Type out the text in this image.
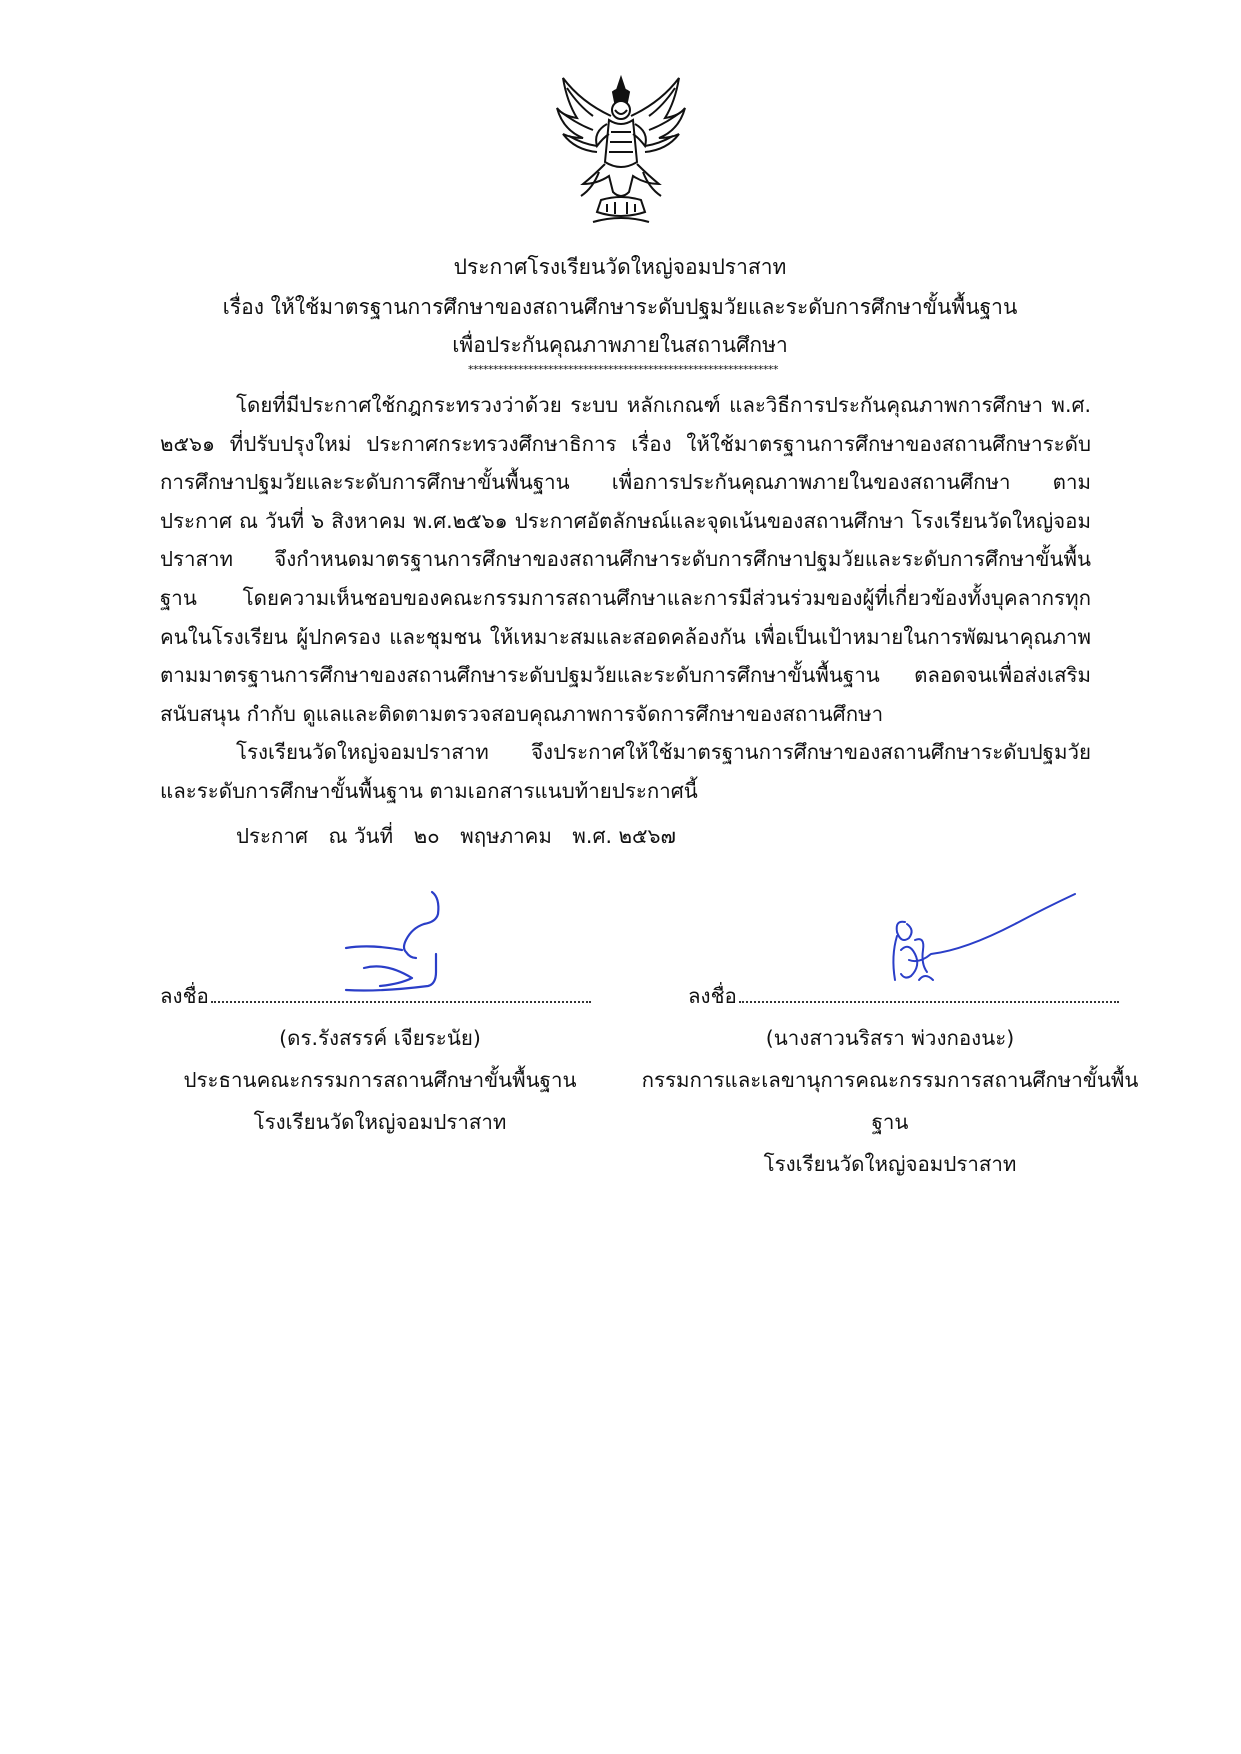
ประกาศโรงเรียนวัดใหญ่จอมปราสาท
เรื่อง ให้ใช้มาตรฐานการศึกษาของสถานศึกษาระดับปฐมวัยและระดับการศึกษาขั้นพื้นฐาน
เพื่อประกันคุณภาพภายในสถานศึกษา
**************************************************************

โดยที่มีประกาศใช้กฎกระทรวงว่าด้วย ระบบ หลักเกณฑ์ และวิธีการประกันคุณภาพการศึกษา พ.ศ. ๒๕๖๑ ที่ปรับปรุงใหม่ ประกาศกระทรวงศึกษาธิการ เรื่อง ให้ใช้มาตรฐานการศึกษาของสถานศึกษาระดับการศึกษาปฐมวัยและระดับการศึกษาขั้นพื้นฐาน เพื่อการประกันคุณภาพภายในของสถานศึกษา ตามประกาศ ณ วันที่ ๖ สิงหาคม พ.ศ.๒๕๖๑ ประกาศอัตลักษณ์และจุดเน้นของสถานศึกษา โรงเรียนวัดใหญ่จอมปราสาท จึงกำหนดมาตรฐานการศึกษาของสถานศึกษาระดับการศึกษาปฐมวัยและระดับการศึกษาขั้นพื้นฐาน โดยความเห็นชอบของคณะกรรมการสถานศึกษาและการมีส่วนร่วมของผู้ที่เกี่ยวข้องทั้งบุคลากรทุกคนในโรงเรียน ผู้ปกครอง และชุมชน ให้เหมาะสมและสอดคล้องกัน เพื่อเป็นเป้าหมายในการพัฒนาคุณภาพตามมาตรฐานการศึกษาของสถานศึกษาระดับปฐมวัยและระดับการศึกษาขั้นพื้นฐาน ตลอดจนเพื่อส่งเสริม สนับสนุน กำกับ ดูแลและติดตามตรวจสอบคุณภาพการจัดการศึกษาของสถานศึกษา

โรงเรียนวัดใหญ่จอมปราสาท จึงประกาศให้ใช้มาตรฐานการศึกษาของสถานศึกษาระดับปฐมวัยและระดับการศึกษาขั้นพื้นฐาน ตามเอกสารแนบท้ายประกาศนี้

ประกาศ ณ วันที่ ๒๐ พฤษภาคม พ.ศ. ๒๕๖๗
ลงชื่อ
(ดร.รังสรรค์ เจียระนัย)
ประธานคณะกรรมการสถานศึกษาขั้นพื้นฐาน
โรงเรียนวัดใหญ่จอมปราสาท
ลงชื่อ
(นางสาวนริสรา พ่วงกองนะ)
กรรมการและเลขานุการคณะกรรมการสถานศึกษาขั้นพื้นฐาน
โรงเรียนวัดใหญ่จอมปราสาท
